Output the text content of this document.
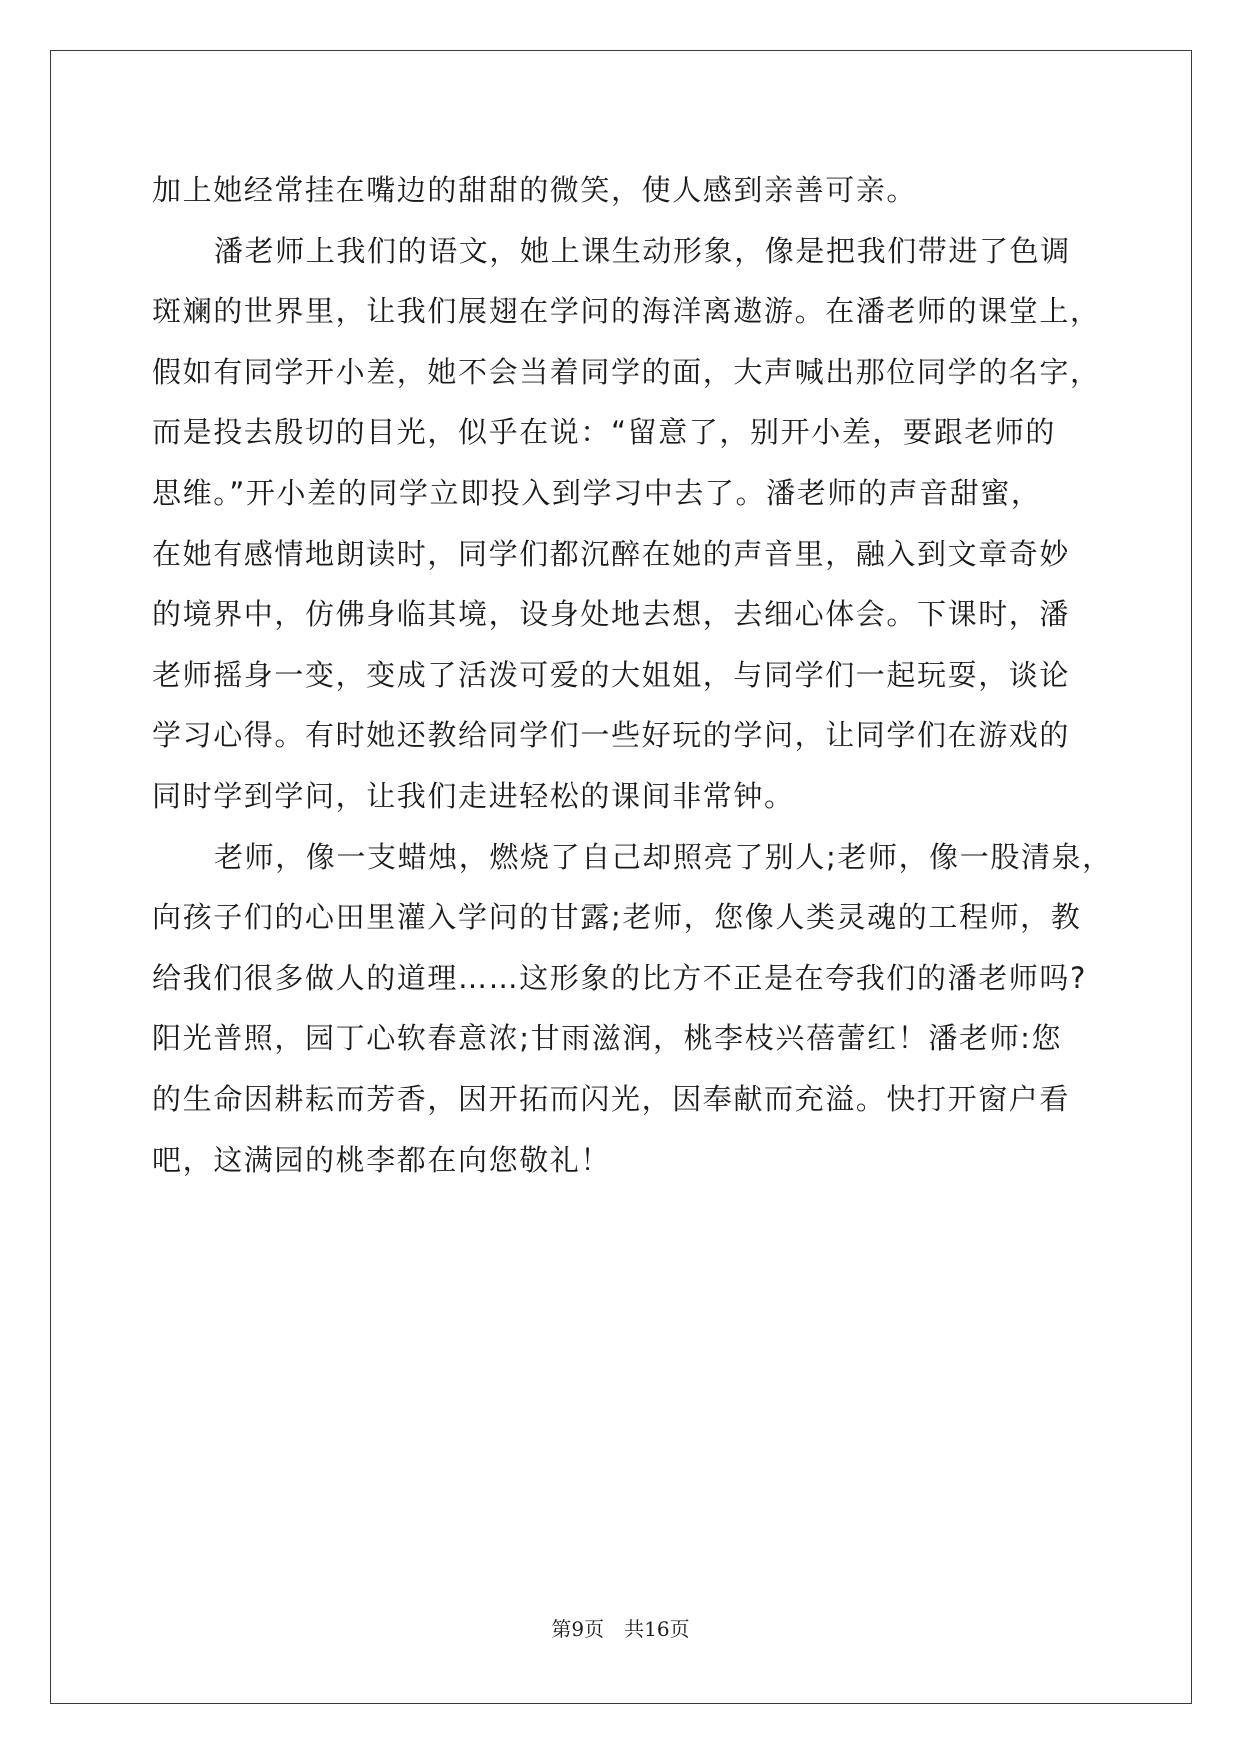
加上她经常挂在嘴边的甜甜的微笑，使人感到亲善可亲。
潘老师上我们的语文，她上课生动形象，像是把我们带进了色调
斑斓的世界里，让我们展翅在学问的海洋离遨游。在潘老师的课堂上，
假如有同学开小差，她不会当着同学的面，大声喊出那位同学的名字，
而是投去殷切的目光，似乎在说：“留意了，别开小差，要跟老师的
思维。”开小差的同学立即投入到学习中去了。潘老师的声音甜蜜，
在她有感情地朗读时，同学们都沉醉在她的声音里，融入到文章奇妙
的境界中，仿佛身临其境，设身处地去想，去细心体会。下课时，潘
老师摇身一变，变成了活泼可爱的大姐姐，与同学们一起玩耍，谈论
学习心得。有时她还教给同学们一些好玩的学问，让同学们在游戏的
同时学到学问，让我们走进轻松的课间非常钟。
老师，像一支蜡烛，燃烧了自己却照亮了别人;老师，像一股清泉，
向孩子们的心田里灌入学问的甘露;老师，您像人类灵魂的工程师，教
给我们很多做人的道理……这形象的比方不正是在夸我们的潘老师吗?
阳光普照，园丁心软春意浓;甘雨滋润，桃李枝兴蓓蕾红！潘老师:您
的生命因耕耘而芳香，因开拓而闪光，因奉献而充溢。快打开窗户看
吧，这满园的桃李都在向您敬礼！
第9页 共16页
